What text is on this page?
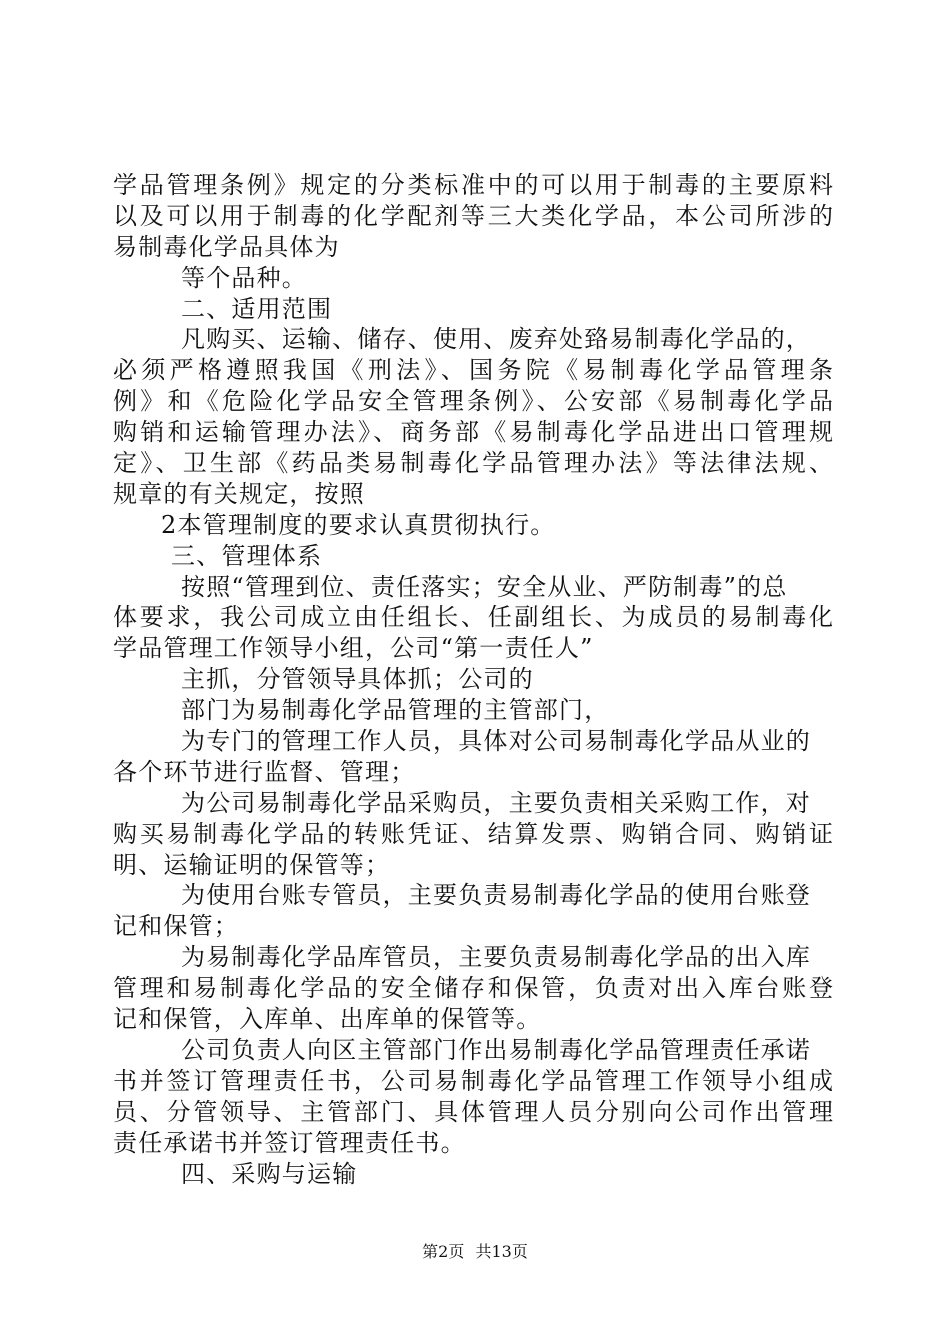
学品管理条例》规定的分类标准中的可以用于制毒的主要原料
以及可以用于制毒的化学配剂等三大类化学品，本公司所涉的
易制毒化学品具体为
等个品种。
二、适用范围
凡购买、运输、储存、使用、废弃处臵易制毒化学品的，
必须严格遵照我国《刑法》、国务院《易制毒化学品管理条
例》和《危险化学品安全管理条例》、公安部《易制毒化学品
购销和运输管理办法》、商务部《易制毒化学品进出口管理规
定》、卫生部《药品类易制毒化学品管理办法》等法律法规、
规章的有关规定，按照
2本管理制度的要求认真贯彻执行。
三、管理体系
按照“管理到位、责任落实；安全从业、严防制毒”的总
体要求，我公司成立由任组长、任副组长、为成员的易制毒化
学品管理工作领导小组，公司“第一责任人”
主抓，分管领导具体抓；公司的
部门为易制毒化学品管理的主管部门，
为专门的管理工作人员，具体对公司易制毒化学品从业的
各个环节进行监督、管理；
为公司易制毒化学品采购员，主要负责相关采购工作，对
购买易制毒化学品的转账凭证、结算发票、购销合同、购销证
明、运输证明的保管等；
为使用台账专管员，主要负责易制毒化学品的使用台账登
记和保管；
为易制毒化学品库管员，主要负责易制毒化学品的出入库
管理和易制毒化学品的安全储存和保管，负责对出入库台账登
记和保管，入库单、出库单的保管等。
公司负责人向区主管部门作出易制毒化学品管理责任承诺
书并签订管理责任书，公司易制毒化学品管理工作领导小组成
员、分管领导、主管部门、具体管理人员分别向公司作出管理
责任承诺书并签订管理责任书。
四、采购与运输
第2页 共13页
